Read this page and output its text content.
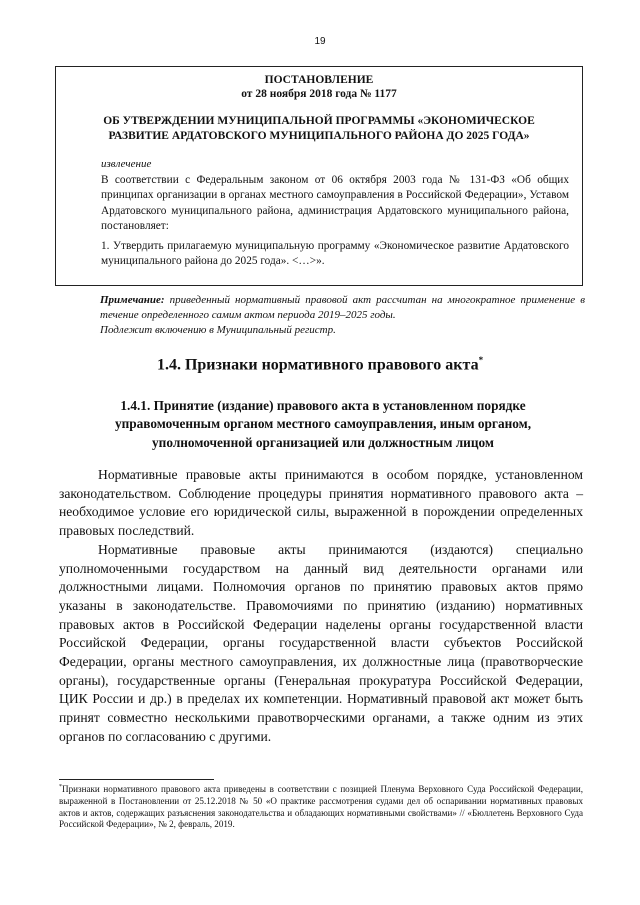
19
ПОСТАНОВЛЕНИЕ
от 28 ноября 2018 года № 1177
ОБ УТВЕРЖДЕНИИ МУНИЦИПАЛЬНОЙ ПРОГРАММЫ «ЭКОНОМИЧЕСКОЕ РАЗВИТИЕ АРДАТОВСКОГО МУНИЦИПАЛЬНОГО РАЙОНА ДО 2025 ГОДА»
извлечение
В соответствии с Федеральным законом от 06 октября 2003 года № 131-ФЗ «Об общих принципах организации в органах местного самоуправления в Российской Федерации», Уставом Ардатовского муниципального района, администрация Ардатовского муниципального района, постановляет:
1. Утвердить прилагаемую муниципальную программу «Экономическое развитие Ардатовского муниципального района до 2025 года». <…>».
Примечание: приведенный нормативный правовой акт рассчитан на многократное применение в течение определенного самим актом периода 2019–2025 годы.
Подлежит включению в Муниципальный регистр.
1.4. Признаки нормативного правового акта*
1.4.1. Принятие (издание) правового акта в установленном порядке управомоченным органом местного самоуправления, иным органом, уполномоченной организацией или должностным лицом

Нормативные правовые акты принимаются в особом порядке, установленном законодательством. Соблюдение процедуры принятия нормативного правового акта – необходимое условие его юридической силы, выраженной в порождении определенных правовых последствий.

Нормативные правовые акты принимаются (издаются) специально уполномоченными государством на данный вид деятельности органами или должностными лицами. Полномочия органов по принятию правовых актов прямо указаны в законодательстве. Правомочиями по принятию (изданию) нормативных правовых актов в Российской Федерации наделены органы государственной власти Российской Федерации, органы государственной власти субъектов Российской Федерации, органы местного самоуправления, их должностные лица (правотворческие органы), государственные органы (Генеральная прокуратура Российской Федерации, ЦИК России и др.) в пределах их компетенции. Нормативный правовой акт может быть принят совместно несколькими правотворческими органами, а также одним из этих органов по согласованию с другими.

*Признаки нормативного правового акта приведены в соответствии с позицией Пленума Верховного Суда Российской Федерации, выраженной в Постановлении от 25.12.2018 № 50 «О практике рассмотрения судами дел об оспаривании нормативных правовых актов и актов, содержащих разъяснения законодательства и обладающих нормативными свойствами» // «Бюллетень Верховного Суда Российской Федерации», № 2, февраль, 2019.
